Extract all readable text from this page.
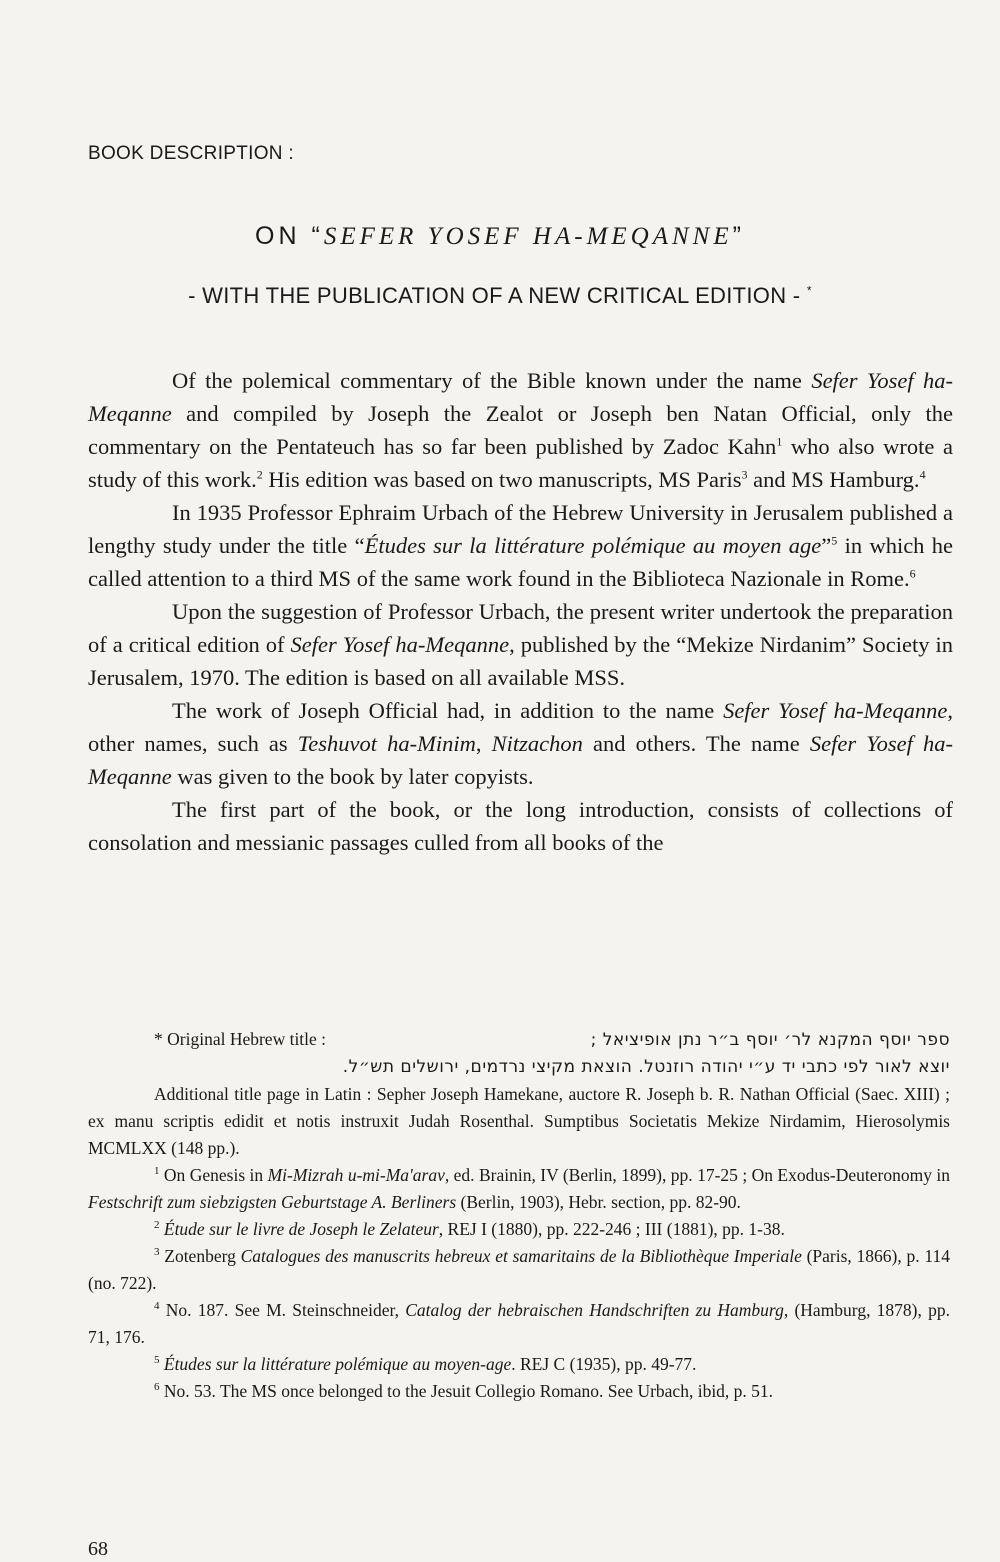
BOOK DESCRIPTION :
ON “SEFER YOSEF HA-MEQANNE”
- WITH THE PUBLICATION OF A NEW CRITICAL EDITION - *

Of the polemical commentary of the Bible known under the name Sefer Yosef ha-Meqanne and compiled by Joseph the Zealot or Joseph ben Natan Official, only the commentary on the Pentateuch has so far been published by Zadoc Kahn$^1$ who also wrote a study of this work.$^2$ His edition was based on two manuscripts, MS Paris$^3$ and MS Hamburg.$^4$

In 1935 Professor Ephraim Urbach of the Hebrew University in Jerusalem published a lengthy study under the title “Études sur la littérature polémique au moyen age”$^5$ in which he called attention to a third MS of the same work found in the Biblioteca Nazionale in Rome.$^6$

Upon the suggestion of Professor Urbach, the present writer undertook the preparation of a critical edition of Sefer Yosef ha-Meqanne, published by the “Mekize Nirdanim” Society in Jerusalem, 1970. The edition is based on all available MSS.

The work of Joseph Official had, in addition to the name Sefer Yosef ha-Meqanne, other names, such as Teshuvot ha-Minim, Nitzachon and others. The name Sefer Yosef ha-Meqanne was given to the book by later copyists.

The first part of the book, or the long introduction, consists of collections of consolation and messianic passages culled from all books of the

* Original Hebrew title :	ספר יוסף המקנא לר׳ יוסף ב״ר נתן אופיציאל ;
יוצא לאור לפי כתבי יד ע״י יהודה רוזנטל. הוצאת מקיצי נרדמים, ירושלים תש״ל.

Additional title page in Latin : Sepher Joseph Hamekane, auctore R. Joseph b. R. Nathan Official (Saec. XIII) ; ex manu scriptis edidit et notis instruxit Judah Rosenthal. Sumptibus Societatis Mekize Nirdamim, Hierosolymis MCMLXX (148 pp.).

$^1$ On Genesis in Mi-Mizrah u-mi-Ma'arav, ed. Brainin, IV (Berlin, 1899), pp. 17-25 ; On Exodus-Deuteronomy in Festschrift zum siebzigsten Geburtstage A. Berliners (Berlin, 1903), Hebr. section, pp. 82-90.

$^2$ Étude sur le livre de Joseph le Zelateur, REJ I (1880), pp. 222-246 ; III (1881), pp. 1-38.

$^3$ Zotenberg Catalogues des manuscrits hebreux et samaritains de la Bibliothèque Imperiale (Paris, 1866), p. 114 (no. 722).

$^4$ No. 187. See M. Steinschneider, Catalog der hebraischen Handschriften zu Hamburg, (Hamburg, 1878), pp. 71, 176.

$^5$ Études sur la littérature polémique au moyen-age. REJ C (1935), pp. 49-77.

$^6$ No. 53. The MS once belonged to the Jesuit Collegio Romano. See Urbach, ibid, p. 51.

68
